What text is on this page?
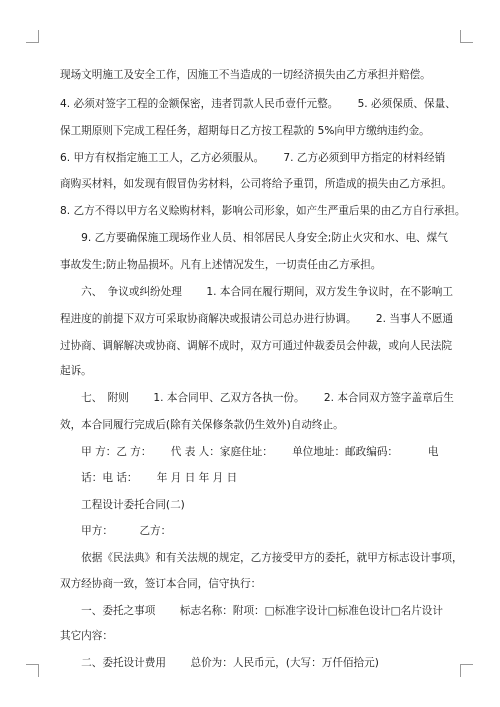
现场文明施工及安全工作，因施工不当造成的一切经济损失由乙方承担并赔偿。
4. 必须对签字工程的金额保密，违者罚款人民币壹仟元整。　　 5. 必须保质、保量、
保工期原则下完成工程任务，超期每日乙方按工程款的 5%向甲方缴纳违约金。
6. 甲方有权指定施工工人，乙方必须服从。　　 7. 乙方必须到甲方指定的材料经销
商购买材料，如发现有假冒伪劣材料，公司将给予重罚，所造成的损失由乙方承担。
8. 乙方不得以甲方名义赊购材料，影响公司形象，如产生严重后果的由乙方自行承担。
　　9. 乙方要确保施工现场作业人员、相邻居民人身安全;防止火灾和水、电、煤气
事故发生;防止物品损坏。凡有上述情况发生，一切责任由乙方承担。
　　六、　争议或纠纷处理　　 1. 本合同在履行期间，双方发生争议时，在不影响工
程进度的前提下双方可采取协商解决或报请公司总办进行协调。　　 2. 当事人不愿通
过协商、调解解决或协商、调解不成时，双方可通过仲裁委员会仲裁，或向人民法院
起诉。
　　七、　附则　　 1. 本合同甲、乙双方各执一份。　　 2. 本合同双方签字盖章后生
效，本合同履行完成后(除有关保修条款仍生效外)自动终止。
　　甲 方：乙 方：　　 代 表 人：家庭住址：　　 单位地址：邮政编码：　　　 电
　　话：电 话：　　 年 月 日 年 月 日
　　工程设计委托合同(二)
　　甲方：　　　乙方：
　　依据《民法典》和有关法规的规定，乙方接受甲方的委托，就甲方标志设计事项，
双方经协商一致，签订本合同，信守执行：
　　一、委托之事项　　 标志名称：附项：□标准字设计□标准色设计□名片设计
其它内容：
　　二、委托设计费用　　 总价为：人民币元，(大写：万仟佰拾元)
